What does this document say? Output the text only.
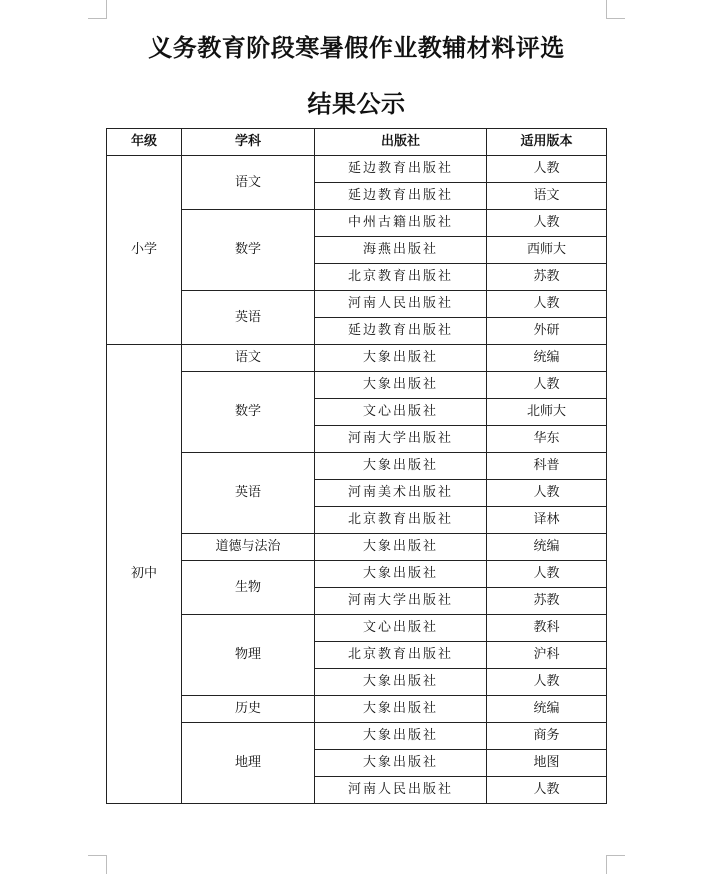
义务教育阶段寒暑假作业教辅材料评选
结果公示
年级	学科	出版社	适用版本
小学	语文	延边教育出版社	人教
		延边教育出版社	语文
	数学	中州古籍出版社	人教
		海燕出版社	西师大
		北京教育出版社	苏教
	英语	河南人民出版社	人教
		延边教育出版社	外研
初中	语文	大象出版社	统编
	数学	大象出版社	人教
		文心出版社	北师大
		河南大学出版社	华东
	英语	大象出版社	科普
		河南美术出版社	人教
		北京教育出版社	译林
	道德与法治	大象出版社	统编
	生物	大象出版社	人教
		河南大学出版社	苏教
	物理	文心出版社	教科
		北京教育出版社	沪科
		大象出版社	人教
	历史	大象出版社	统编
	地理	大象出版社	商务
		大象出版社	地图
		河南人民出版社	人教
